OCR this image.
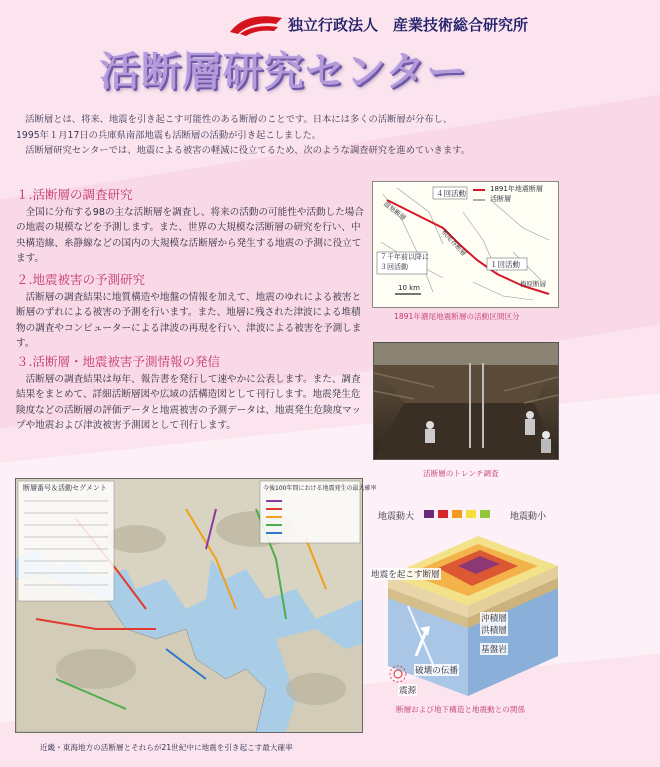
独立行政法人　産業技術総合研究所
活断層研究センター

活断層とは、将来、地震を引き起こす可能性のある断層のことです。日本には多くの活断層が分布し、

1995年１月17日の兵庫県南部地震も活断層の活動が引き起こしました。

活断層研究センターでは、地震による被害の軽減に役立てるため、次のような調査研究を進めていきます。

１.活断層の調査研究

全国に分布する98の主な活断層を調査し、将来の活動の可能性や活動した場合の地震の規模などを予測します。また、世界の大規模な活断層の研究を行い、中央構造線、糸静線などの国内の大規模な活断層から発生する地震の予測に役立てます。

２.地震被害の予測研究

活断層の調査結果に地質構造や地盤の情報を加えて、地震のゆれによる被害と断層のずれによる被害の予測を行います。また、地層に残された津波による堆積物の調査やコンピューターによる津波の再現を行い、津波による被害を予測します。

３.活断層・地震被害予測情報の発信

活断層の調査結果は毎年、報告書を発行して速やかに公表します。また、調査結果をまとめて、詳細活断層図や広域の活構造図として刊行します。地震発生危険度などの活断層の評価データと地震被害の予測データは、地震発生危険度マップや地震および津波被害予測図として刊行します。

1891年地震断層
活断層
４回活動
１回活動
７千年前以降に
３回活動
10 km
温見断層
根尾谷断層
梅原断層
1891年濃尾地震断層の活動区間区分
活断層のトレンチ調査
断層番号＆活動セグメント	今後100年間における地震発生の最大確率
近畿・東海地方の活断層とそれらが21世紀中に地震を引き起こす最大確率
地震動大	地震動小
地震を起こす断層
沖積層
洪積層
基盤岩
破壊の伝播
震源
断層および地下構造と地震動との関係
